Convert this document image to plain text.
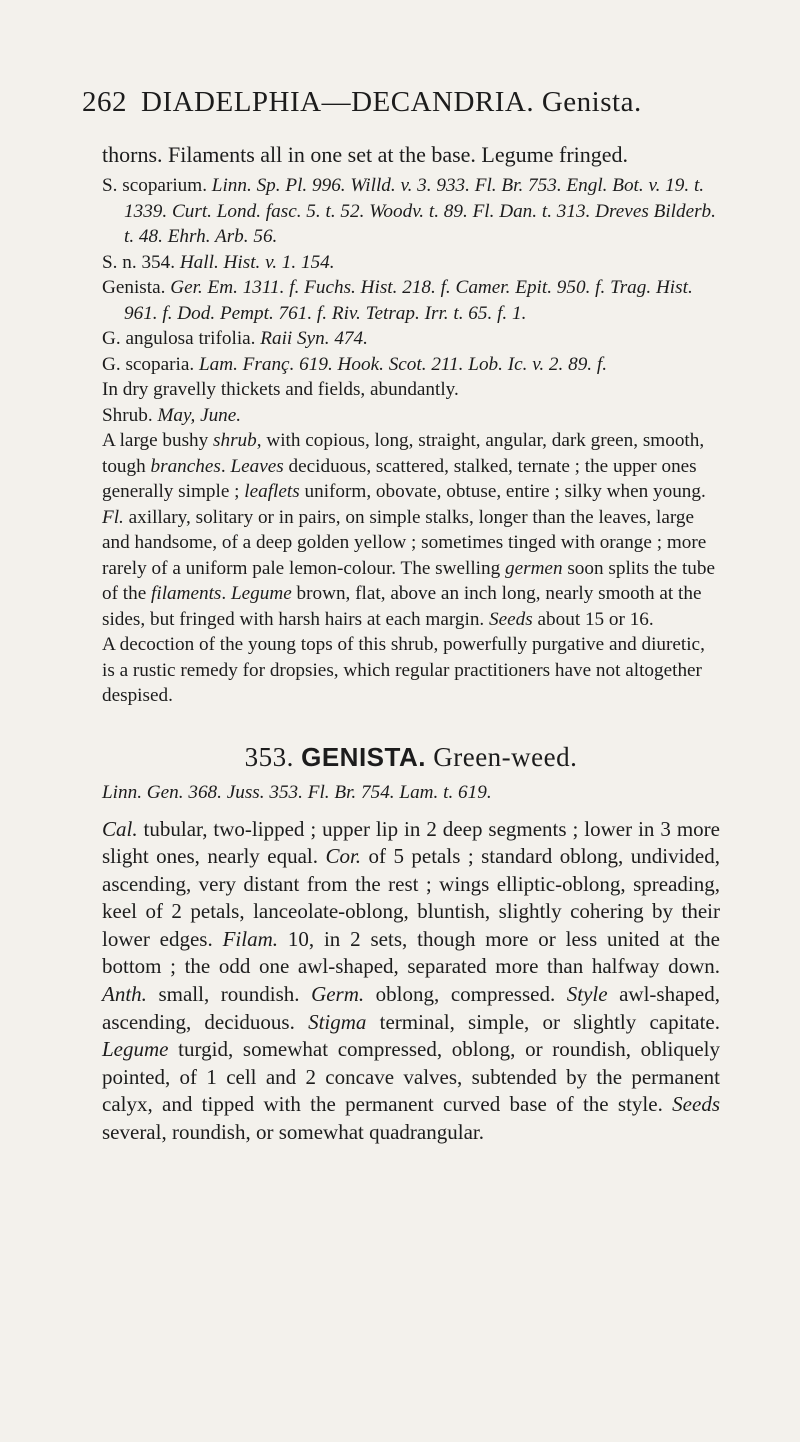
262 DIADELPHIA—DECANDRIA. Genista.

thorns. Filaments all in one set at the base. Legume fringed.

S. scoparium. Linn. Sp. Pl. 996. Willd. v. 3. 933. Fl. Br. 753. Engl. Bot. v. 19. t. 1339. Curt. Lond. fasc. 5. t. 52. Woodv. t. 89. Fl. Dan. t. 313. Dreves Bilderb. t. 48. Ehrh. Arb. 56.

S. n. 354. Hall. Hist. v. 1. 154.

Genista. Ger. Em. 1311. f. Fuchs. Hist. 218. f. Camer. Epit. 950. f. Trag. Hist. 961. f. Dod. Pempt. 761. f. Riv. Tetrap. Irr. t. 65. f. 1.

G. angulosa trifolia. Raii Syn. 474.

G. scoparia. Lam. Franç. 619. Hook. Scot. 211. Lob. Ic. v. 2. 89. f.

In dry gravelly thickets and fields, abundantly.

Shrub. May, June.

A large bushy shrub, with copious, long, straight, angular, dark green, smooth, tough branches. Leaves deciduous, scattered, stalked, ternate ; the upper ones generally simple ; leaflets uniform, obovate, obtuse, entire ; silky when young. Fl. axillary, solitary or in pairs, on simple stalks, longer than the leaves, large and handsome, of a deep golden yellow ; sometimes tinged with orange ; more rarely of a uniform pale lemon-colour. The swelling germen soon splits the tube of the filaments. Legume brown, flat, above an inch long, nearly smooth at the sides, but fringed with harsh hairs at each margin. Seeds about 15 or 16.

A decoction of the young tops of this shrub, powerfully purgative and diuretic, is a rustic remedy for dropsies, which regular practitioners have not altogether despised.

353. GENISTA. Green-weed.

Linn. Gen. 368. Juss. 353. Fl. Br. 754. Lam. t. 619.

Cal. tubular, two-lipped ; upper lip in 2 deep segments ; lower in 3 more slight ones, nearly equal. Cor. of 5 petals ; standard oblong, undivided, ascending, very distant from the rest ; wings elliptic-oblong, spreading, keel of 2 petals, lanceolate-oblong, bluntish, slightly cohering by their lower edges. Filam. 10, in 2 sets, though more or less united at the bottom ; the odd one awl-shaped, separated more than halfway down. Anth. small, roundish. Germ. oblong, compressed. Style awl-shaped, ascending, deciduous. Stigma terminal, simple, or slightly capitate. Legume turgid, somewhat compressed, oblong, or roundish, obliquely pointed, of 1 cell and 2 concave valves, subtended by the permanent calyx, and tipped with the permanent curved base of the style. Seeds several, roundish, or somewhat quadrangular.
